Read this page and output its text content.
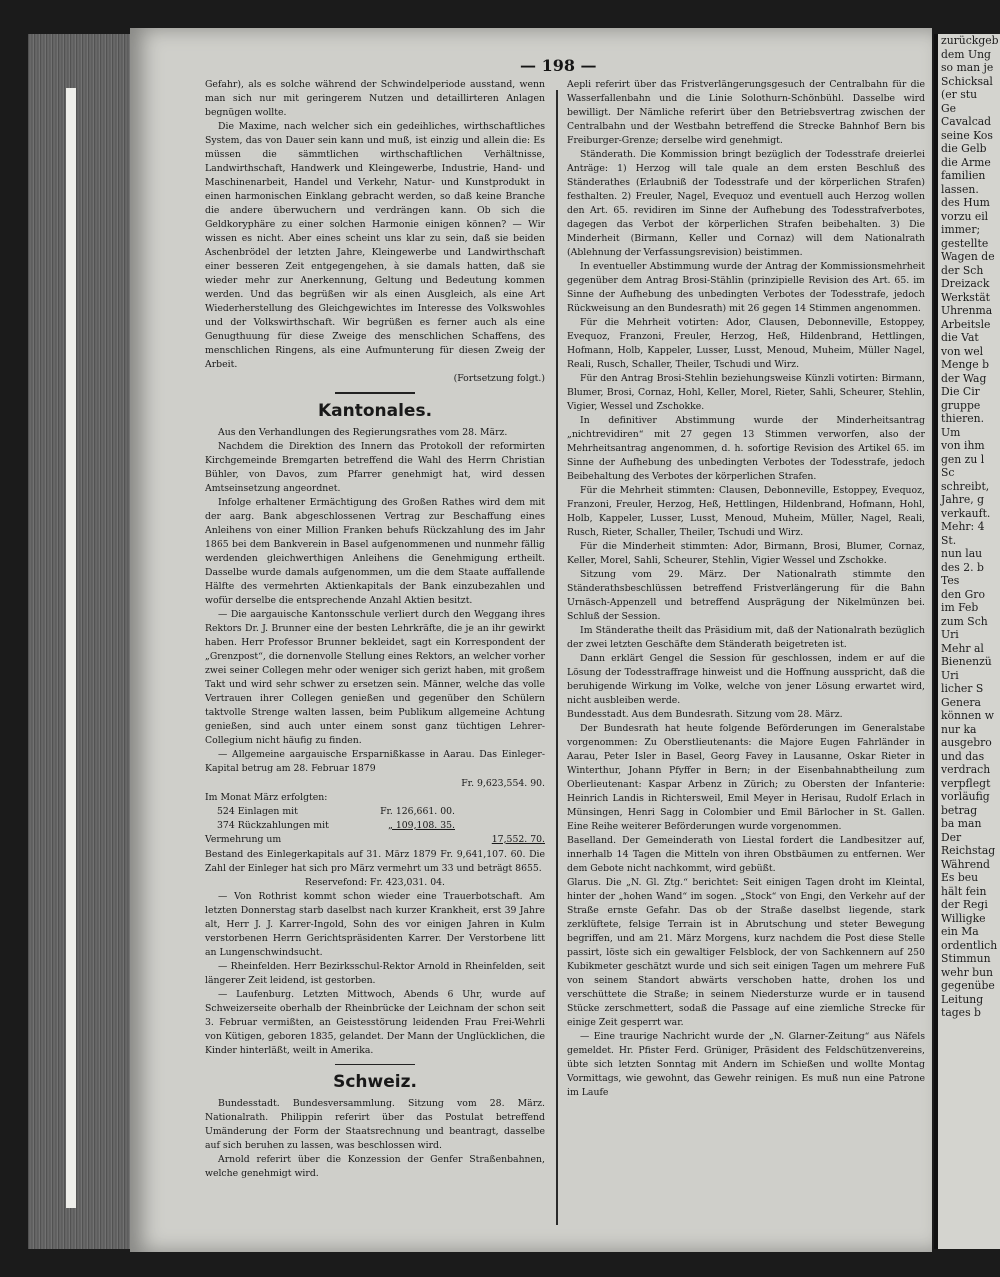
— 198 —

Gefahr), als es solche während der Schwindelperiode ausstand, wenn man sich nur mit geringerem Nutzen und detaillirteren Anlagen begnügen wollte.

Die Maxime, nach welcher sich ein gedeihliches, wirthschaftliches System, das von Dauer sein kann und muß, ist einzig und allein die: Es müssen die sämmtlichen wirthschaftlichen Verhältnisse, Landwirthschaft, Handwerk und Kleingewerbe, Industrie, Hand- und Maschinenarbeit, Handel und Verkehr, Natur- und Kunstprodukt in einen harmonischen Einklang gebracht werden, so daß keine Branche die andere überwuchern und verdrängen kann. Ob sich die Geldkoryphäre zu einer solchen Harmonie einigen können? — Wir wissen es nicht. Aber eines scheint uns klar zu sein, daß sie beiden Aschenbrödel der letzten Jahre, Kleingewerbe und Landwirthschaft einer besseren Zeit entgegengehen, à sie damals hatten, daß sie wieder mehr zur Anerkennung, Geltung und Bedeutung kommen werden. Und das begrüßen wir als einen Ausgleich, als eine Art Wiederherstellung des Gleichgewichtes im Interesse des Volkswohles und der Volkswirthschaft. Wir begrüßen es ferner auch als eine Genugthuung für diese Zweige des menschlichen Schaffens, des menschlichen Ringens, als eine Aufmunterung für diesen Zweig der Arbeit.

(Fortsetzung folgt.)

Kantonales.

Aus den Verhandlungen des Regierungsrathes vom 28. März.

Nachdem die Direktion des Innern das Protokoll der reformirten Kirchgemeinde Bremgarten betreffend die Wahl des Herrn Christian Bühler, von Davos, zum Pfarrer genehmigt hat, wird dessen Amtseinsetzung angeordnet.

Infolge erhaltener Ermächtigung des Großen Rathes wird dem mit der aarg. Bank abgeschlossenen Vertrag zur Beschaffung eines Anleihens von einer Million Franken behufs Rückzahlung des im Jahr 1865 bei dem Bankverein in Basel aufgenommenen und nunmehr fällig werdenden gleichwerthigen Anleihens die Genehmigung ertheilt. Dasselbe wurde damals aufgenommen, um die dem Staate auffallende Hälfte des vermehrten Aktienkapitals der Bank einzubezahlen und wofür derselbe die entsprechende Anzahl Aktien besitzt.

— Die aargauische Kantonsschule verliert durch den Weggang ihres Rektors Dr. J. Brunner eine der besten Lehrkräfte, die je an ihr gewirkt haben. Herr Professor Brunner bekleidet, sagt ein Korrespondent der „Grenzpost“, die dornenvolle Stellung eines Rektors, an welcher vorher zwei seiner Collegen mehr oder weniger sich gerizt haben, mit großem Takt und wird sehr schwer zu ersetzen sein. Männer, welche das volle Vertrauen ihrer Collegen genießen und gegenüber den Schülern taktvolle Strenge walten lassen, beim Publikum allgemeine Achtung genießen, sind auch unter einem sonst ganz tüchtigen Lehrer-Collegium nicht häufig zu finden.

— Allgemeine aargauische Ersparnißkasse in Aarau. Das Einleger-Kapital betrug am 28. Februar 1879

Fr. 9,623,554. 90.
Im Monat März erfolgten:
524 Einlagen mit	Fr. 126,661. 00.
374 Rückzahlungen mit	„ 109,108. 35.
Vermehrung um	17,552. 70.

Bestand des Einlegerkapitals auf 31. März 1879 Fr. 9,641,107. 60. Die Zahl der Einleger hat sich pro März vermehrt um 33 und beträgt 8655.

Reservefond: Fr. 423,031. 04.

— Von Rothrist kommt schon wieder eine Trauerbotschaft. Am letzten Donnerstag starb daselbst nach kurzer Krankheit, erst 39 Jahre alt, Herr J. J. Karrer-Ingold, Sohn des vor einigen Jahren in Kulm verstorbenen Herrn Gerichtspräsidenten Karrer. Der Verstorbene litt an Lungenschwindsucht.

— Rheinfelden. Herr Bezirksschul-Rektor Arnold in Rheinfelden, seit längerer Zeit leidend, ist gestorben.

— Laufenburg. Letzten Mittwoch, Abends 6 Uhr, wurde auf Schweizerseite oberhalb der Rheinbrücke der Leichnam der schon seit 3. Februar vermißten, an Geistesstörung leidenden Frau Frei-Wehrli von Kütigen, geboren 1835, gelandet. Der Mann der Unglücklichen, die Kinder hinterläßt, weilt in Amerika.

Schweiz.

Bundesstadt. Bundesversammlung. Sitzung vom 28. März. Nationalrath. Philippin referirt über das Postulat betreffend Umänderung der Form der Staatsrechnung und beantragt, dasselbe auf sich beruhen zu lassen, was beschlossen wird.

Arnold referirt über die Konzession der Genfer Straßenbahnen, welche genehmigt wird.

Aepli referirt über das Fristverlängerungsgesuch der Centralbahn für die Wasserfallenbahn und die Linie Solothurn-Schönbühl. Dasselbe wird bewilligt. Der Nämliche referirt über den Betriebsvertrag zwischen der Centralbahn und der Westbahn betreffend die Strecke Bahnhof Bern bis Freiburger-Grenze; derselbe wird genehmigt.

Ständerath. Die Kommission bringt bezüglich der Todesstrafe dreierlei Anträge: 1) Herzog will tale quale an dem ersten Beschluß des Ständerathes (Erlaubniß der Todesstrafe und der körperlichen Strafen) festhalten. 2) Freuler, Nagel, Evequoz und eventuell auch Herzog wollen den Art. 65. revidiren im Sinne der Aufhebung des Todesstrafverbotes, dagegen das Verbot der körperlichen Strafen beibehalten. 3) Die Minderheit (Birmann, Keller und Cornaz) will dem Nationalrath (Ablehnung der Verfassungsrevision) beistimmen.

In eventueller Abstimmung wurde der Antrag der Kommissionsmehrheit gegenüber dem Antrag Brosi-Stählin (prinzipielle Revision des Art. 65. im Sinne der Aufhebung des unbedingten Verbotes der Todesstrafe, jedoch Rückweisung an den Bundesrath) mit 26 gegen 14 Stimmen angenommen.

Für die Mehrheit votirten: Ador, Clausen, Debonneville, Estoppey, Evequoz, Franzoni, Freuler, Herzog, Heß, Hildenbrand, Hettlingen, Hofmann, Holb, Kappeler, Lusser, Lusst, Menoud, Muheim, Müller Nagel, Reali, Rusch, Schaller, Theiler, Tschudi und Wirz.

Für den Antrag Brosi-Stehlin beziehungsweise Künzli votirten: Birmann, Blumer, Brosi, Cornaz, Hohl, Keller, Morel, Rieter, Sahli, Scheurer, Stehlin, Vigier, Wessel und Zschokke.

In definitiver Abstimmung wurde der Minderheitsantrag „nichtrevidiren“ mit 27 gegen 13 Stimmen verworfen, also der Mehrheitsantrag angenommen, d. h. sofortige Revision des Artikel 65. im Sinne der Aufhebung des unbedingten Verbotes der Todesstrafe, jedoch Beibehaltung des Verbotes der körperlichen Strafen.

Für die Mehrheit stimmten: Clausen, Debonneville, Estoppey, Evequoz, Franzoni, Freuler, Herzog, Heß, Hettlingen, Hildenbrand, Hofmann, Hohl, Holb, Kappeler, Lusser, Lusst, Menoud, Muheim, Müller, Nagel, Reali, Rusch, Rieter, Schaller, Theiler, Tschudi und Wirz.

Für die Minderheit stimmten: Ador, Birmann, Brosi, Blumer, Cornaz, Keller, Morel, Sahli, Scheurer, Stehlin, Vigier Wessel und Zschokke.

Sitzung vom 29. März. Der Nationalrath stimmte den Ständerathsbeschlüssen betreffend Fristverlängerung für die Bahn Urnäsch-Appenzell und betreffend Ausprägung der Nikelmünzen bei. Schluß der Session.

Im Ständerathe theilt das Präsidium mit, daß der Nationalrath bezüglich der zwei letzten Geschäfte dem Ständerath beigetreten ist.

Dann erklärt Gengel die Session für geschlossen, indem er auf die Lösung der Todesstraffrage hinweist und die Hoffnung ausspricht, daß die beruhigende Wirkung im Volke, welche von jener Lösung erwartet wird, nicht ausbleiben werde.

Bundesstadt. Aus dem Bundesrath. Sitzung vom 28. März.

Der Bundesrath hat heute folgende Beförderungen im Generalstabe vorgenommen: Zu Oberstlieutenants: die Majore Eugen Fahrländer in Aarau, Peter Isler in Basel, Georg Favey in Lausanne, Oskar Rieter in Winterthur, Johann Pfyffer in Bern; in der Eisenbahnabtheilung zum Oberlieutenant: Kaspar Arbenz in Zürich; zu Obersten der Infanterie: Heinrich Landis in Richtersweil, Emil Meyer in Herisau, Rudolf Erlach in Münsingen, Henri Sagg in Colombier und Emil Bärlocher in St. Gallen. Eine Reihe weiterer Beförderungen wurde vorgenommen.

Baselland. Der Gemeinderath von Liestal fordert die Landbesitzer auf, innerhalb 14 Tagen die Mitteln von ihren Obstbäumen zu entfernen. Wer dem Gebote nicht nachkommt, wird gebüßt.

Glarus. Die „N. Gl. Ztg.“ berichtet: Seit einigen Tagen droht im Kleintal, hinter der „hohen Wand“ im sogen. „Stock“ von Engi, den Verkehr auf der Straße ernste Gefahr. Das ob der Straße daselbst liegende, stark zerklüftete, felsige Terrain ist in Abrutschung und steter Bewegung begriffen, und am 21. März Morgens, kurz nachdem die Post diese Stelle passirt, löste sich ein gewaltiger Felsblock, der von Sachkennern auf 250 Kubikmeter geschätzt wurde und sich seit einigen Tagen um mehrere Fuß von seinem Standort abwärts verschoben hatte, drohen los und verschüttete die Straße; in seinem Niedersturze wurde er in tausend Stücke zerschmettert, sodaß die Passage auf eine ziemliche Strecke für einige Zeit gesperrt war.

— Eine traurige Nachricht wurde der „N. Glarner-Zeitung“ aus Näfels gemeldet. Hr. Pfister Ferd. Grüniger, Präsident des Feldschützenvereins, übte sich letzten Sonntag mit Andern im Schießen und wollte Montag Vormittags, wie gewohnt, das Gewehr reinigen. Es muß nun eine Patrone im Laufe

zurückgeb
dem Ung
so man je
Schicksal
(er stu
Ge
Cavalcad
seine Kos
die Gelb
die Arme
familien
lassen.
des Hum
vorzu eil
immer;
gestellte
Wagen de
der Sch
Dreizack
Werkstät
Uhrenma
Arbeitsle
die Vat
von wel
Menge b
der Wag
Die Cir
gruppe
thieren.
Um
von ihm
gen zu l
Sc
schreibt,
Jahre, g
verkauft.
Mehr: 4
St.
nun lau
des 2. b
Tes
den Gro
im Feb
zum Sch
Uri
Mehr al
Bienenzü
Uri
licher S
Genera
können w
nur ka
ausgebro
und das
verdrach
verpflegt
vorläufig
betrag
ba man
Der
Reichstag
Während
Es beu
hält fein
der Regi
Willigke
ein Ma
ordentlich
Stimmun
wehr bun
gegenübe
Leitung
tages b
